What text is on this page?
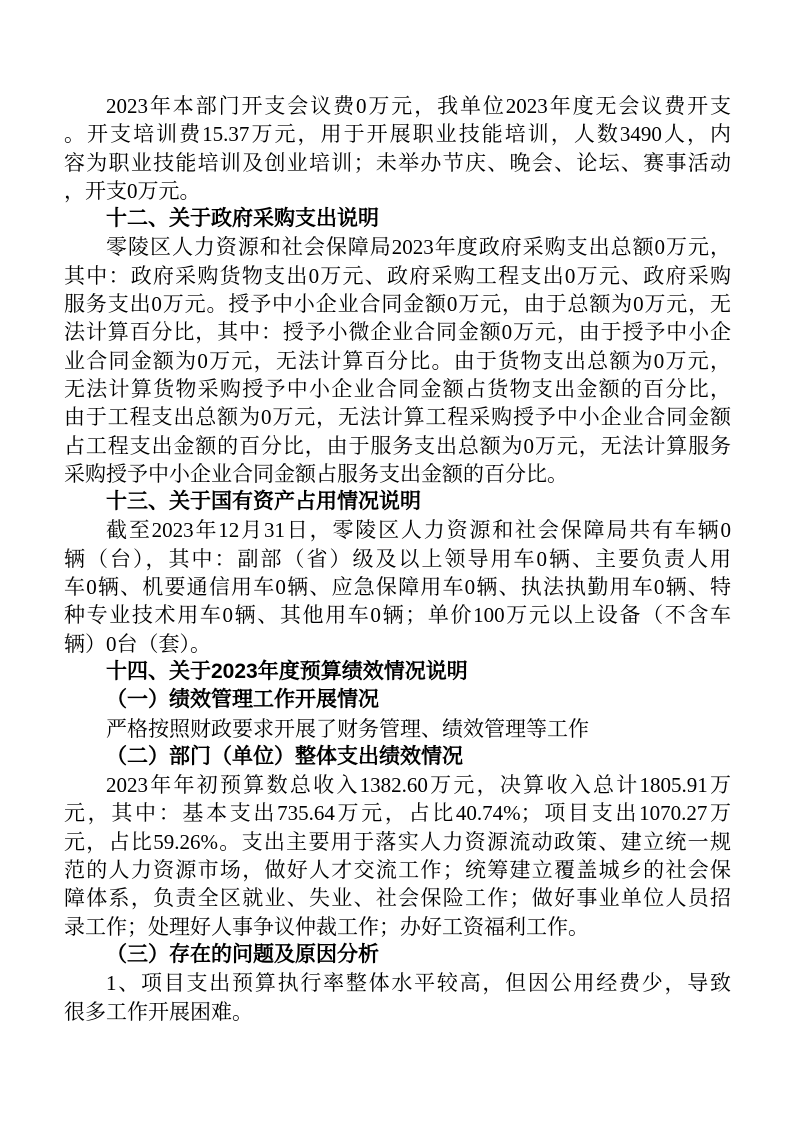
2023年本部门开支会议费0万元，我单位2023年度无会议费开支
。开支培训费15.37万元，用于开展职业技能培训，人数3490人，内
容为职业技能培训及创业培训；未举办节庆、晚会、论坛、赛事活动
，开支0万元。
十二、关于政府采购支出说明
零陵区人力资源和社会保障局2023年度政府采购支出总额0万元，
其中：政府采购货物支出0万元、政府采购工程支出0万元、政府采购
服务支出0万元。授予中小企业合同金额0万元，由于总额为0万元，无
法计算百分比，其中：授予小微企业合同金额0万元，由于授予中小企
业合同金额为0万元，无法计算百分比。由于货物支出总额为0万元，
无法计算货物采购授予中小企业合同金额占货物支出金额的百分比，
由于工程支出总额为0万元，无法计算工程采购授予中小企业合同金额
占工程支出金额的百分比，由于服务支出总额为0万元，无法计算服务
采购授予中小企业合同金额占服务支出金额的百分比。
十三、关于国有资产占用情况说明
截至2023年12月31日，零陵区人力资源和社会保障局共有车辆0
辆（台），其中：副部（省）级及以上领导用车0辆、主要负责人用
车0辆、机要通信用车0辆、应急保障用车0辆、执法执勤用车0辆、特
种专业技术用车0辆、其他用车0辆；单价100万元以上设备（不含车
辆）0台（套）。
十四、关于2023年度预算绩效情况说明
（一）绩效管理工作开展情况
严格按照财政要求开展了财务管理、绩效管理等工作
（二）部门（单位）整体支出绩效情况
2023年年初预算数总收入1382.60万元，决算收入总计1805.91万
元，其中：基本支出735.64万元，占比40.74%；项目支出1070.27万
元，占比59.26%。支出主要用于落实人力资源流动政策、建立统一规
范的人力资源市场，做好人才交流工作；统筹建立覆盖城乡的社会保
障体系，负责全区就业、失业、社会保险工作；做好事业单位人员招
录工作；处理好人事争议仲裁工作；办好工资福利工作。
（三）存在的问题及原因分析
1、项目支出预算执行率整体水平较高，但因公用经费少，导致
很多工作开展困难。
